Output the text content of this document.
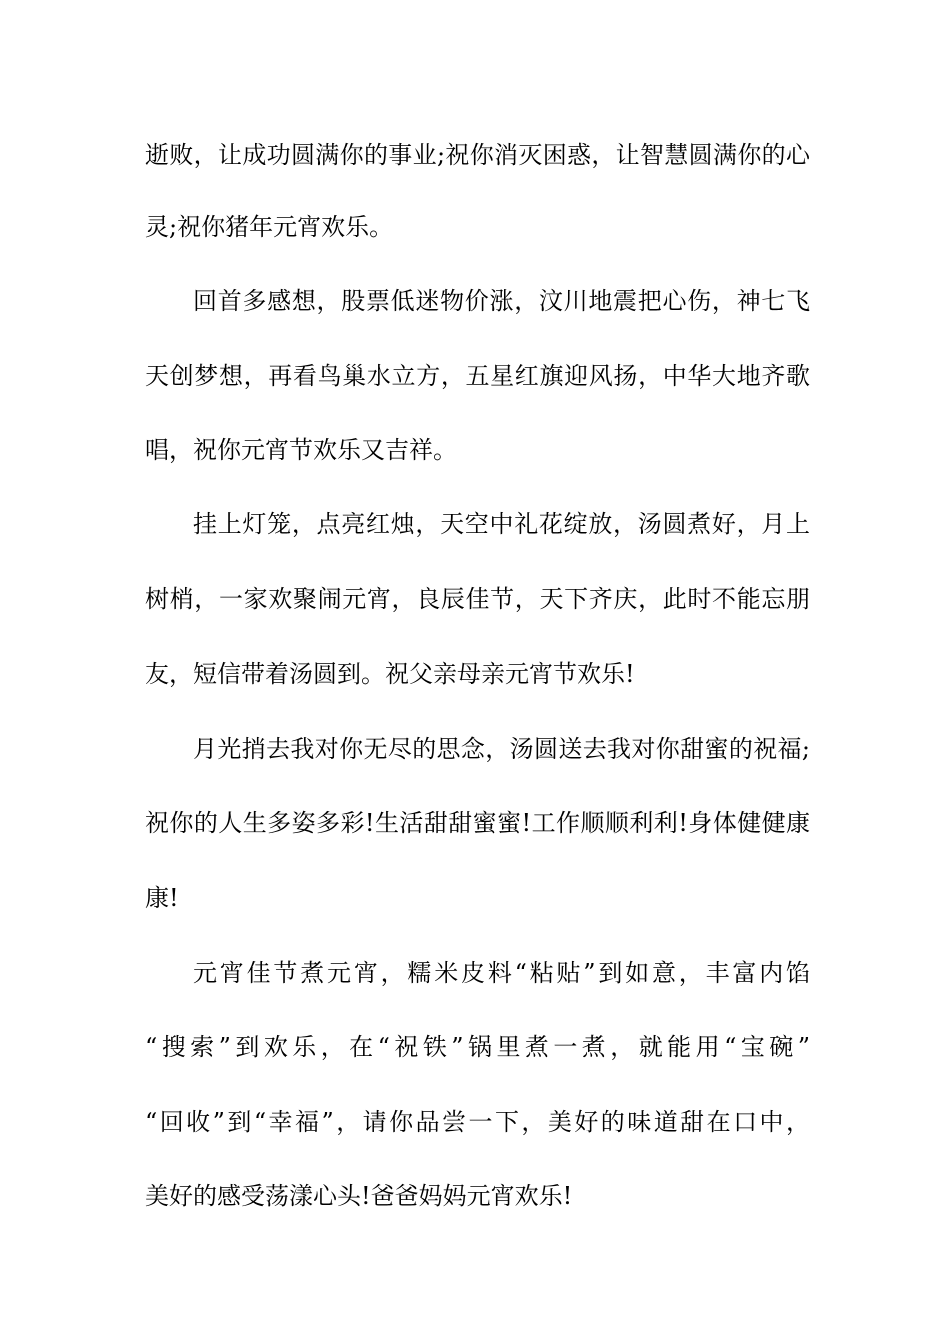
逝败，让成功圆满你的事业;祝你消灭困惑，让智慧圆满你的心

灵;祝你猪年元宵欢乐。

回首多感想，股票低迷物价涨，汶川地震把心伤，神七飞

天创梦想，再看鸟巢水立方，五星红旗迎风扬，中华大地齐歌

唱，祝你元宵节欢乐又吉祥。

挂上灯笼，点亮红烛，天空中礼花绽放，汤圆煮好，月上

树梢，一家欢聚闹元宵，良辰佳节，天下齐庆，此时不能忘朋

友，短信带着汤圆到。祝父亲母亲元宵节欢乐!

月光捎去我对你无尽的思念，汤圆送去我对你甜蜜的祝福;

祝你的人生多姿多彩!生活甜甜蜜蜜!工作顺顺利利!身体健健康

康!

元宵佳节煮元宵，糯米皮料“粘贴”到如意，丰富内馅

“搜索”到欢乐，在“祝铁”锅里煮一煮，就能用“宝碗”

“回收”到“幸福”，请你品尝一下，美好的味道甜在口中，

美好的感受荡漾心头!爸爸妈妈元宵欢乐!
